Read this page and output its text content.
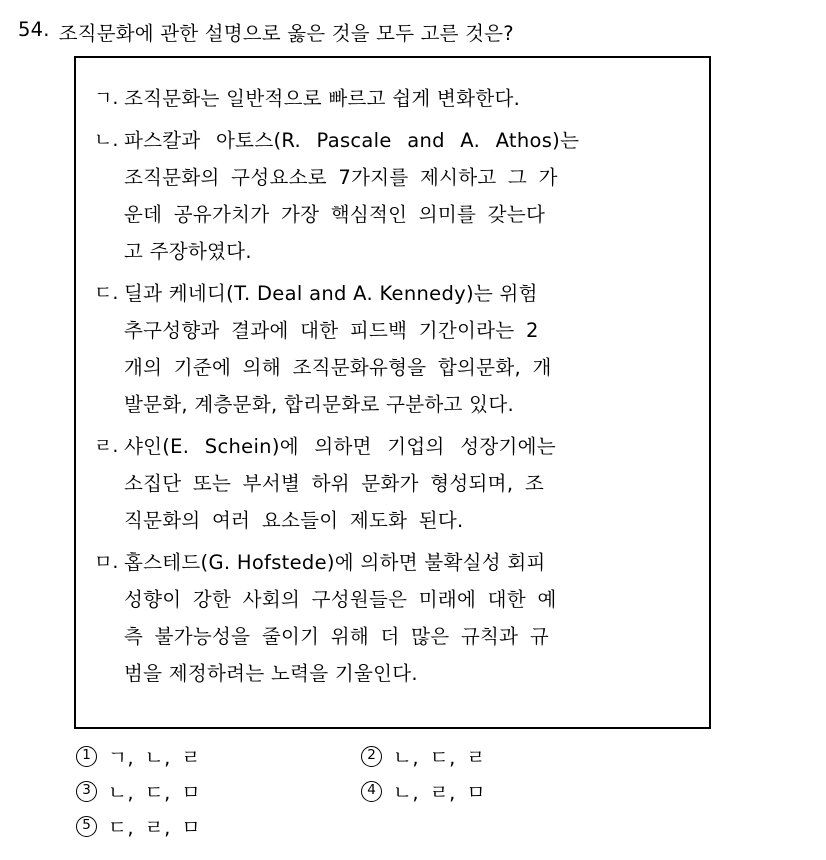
54. 조직문화에 관한 설명으로 옳은 것을 모두 고른 것은?
ㄱ. 조직문화는 일반적으로 빠르고 쉽게 변화한다.
ㄴ. 파스칼과 아토스(R. Pascale and A. Athos)는
조직문화의 구성요소로 7가지를 제시하고 그 가
운데 공유가치가 가장 핵심적인 의미를 갖는다
고 주장하였다.
ㄷ. 딜과 케네디(T. Deal and A. Kennedy)는 위험
추구성향과 결과에 대한 피드백 기간이라는 2
개의 기준에 의해 조직문화유형을 합의문화, 개
발문화, 계층문화, 합리문화로 구분하고 있다.
ㄹ. 샤인(E. Schein)에 의하면 기업의 성장기에는
소집단 또는 부서별 하위 문화가 형성되며, 조
직문화의 여러 요소들이 제도화 된다.
ㅁ. 홉스테드(G. Hofstede)에 의하면 불확실성 회피
성향이 강한 사회의 구성원들은 미래에 대한 예
측 불가능성을 줄이기 위해 더 많은 규칙과 규
범을 제정하려는 노력을 기울인다.
1 ㄱ, ㄴ, ㄹ	2 ㄴ, ㄷ, ㄹ
3 ㄴ, ㄷ, ㅁ	4 ㄴ, ㄹ, ㅁ
5 ㄷ, ㄹ, ㅁ
